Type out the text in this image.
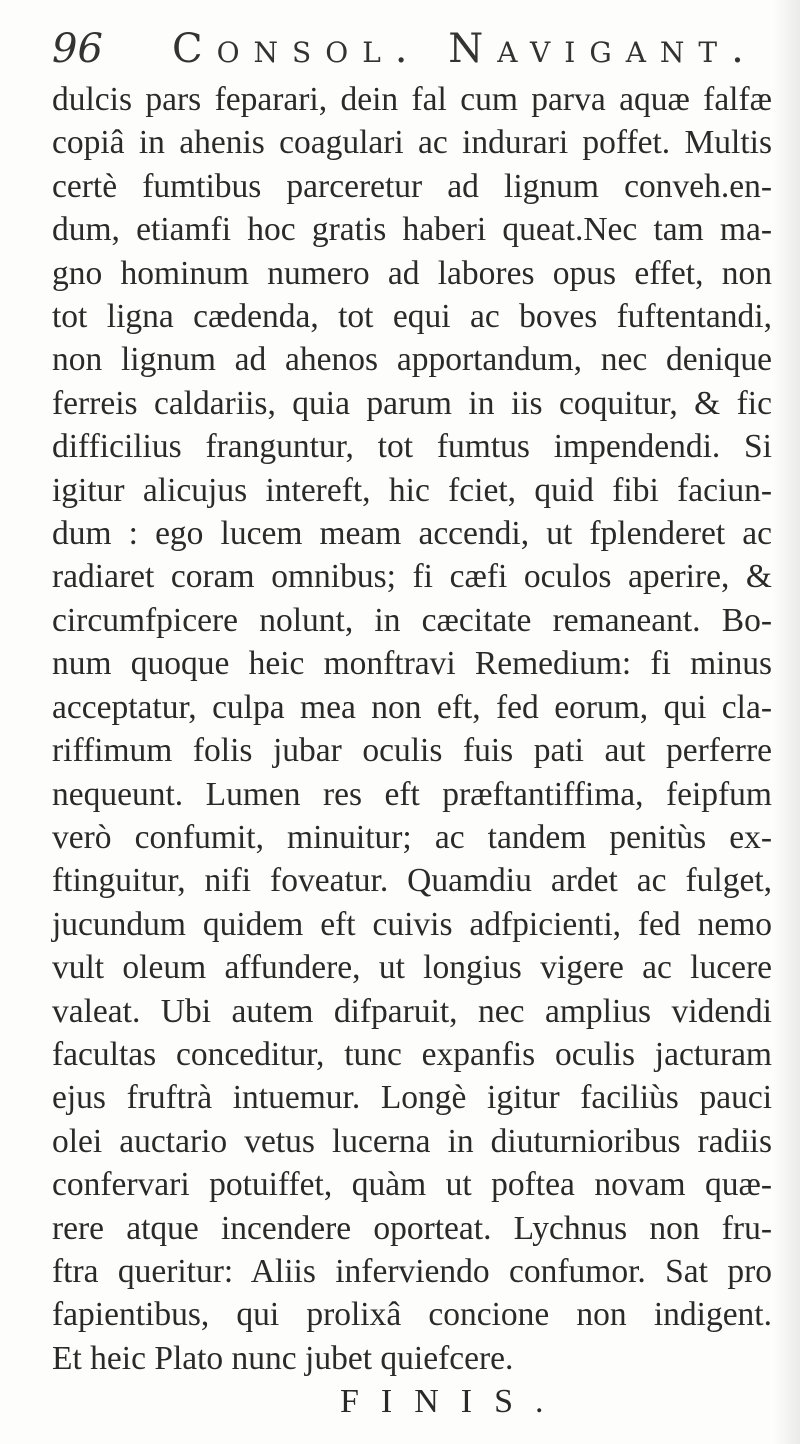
96 Consol. Navigant.
dulcis pars feparari, dein fal cum parva aquæ falfæ
copiâ in ahenis coagulari ac indurari poffet. Multis
certè fumtibus parceretur ad lignum conveh.en-
dum, etiamfi hoc gratis haberi queat.Nec tam ma-
gno hominum numero ad labores opus effet, non
tot ligna cædenda, tot equi ac boves fuftentandi,
non lignum ad ahenos apportandum, nec denique
ferreis caldariis, quia parum in iis coquitur, & fic
difficilius franguntur, tot fumtus impendendi. Si
igitur alicujus intereft, hic fciet, quid fibi faciun-
dum : ego lucem meam accendi, ut fplenderet ac
radiaret coram omnibus; fi cæfi oculos aperire, &
circumfpicere nolunt, in cæcitate remaneant. Bo-
num quoque heic monftravi Remedium: fi minus
acceptatur, culpa mea non eft, fed eorum, qui cla-
riffimum folis jubar oculis fuis pati aut perferre
nequeunt. Lumen res eft præftantiffima, feipfum
verò confumit, minuitur; ac tandem penitùs ex-
ftinguitur, nifi foveatur. Quamdiu ardet ac fulget,
jucundum quidem eft cuivis adfpicienti, fed nemo
vult oleum affundere, ut longius vigere ac lucere
valeat. Ubi autem difparuit, nec amplius videndi
facultas conceditur, tunc expanfis oculis jacturam
ejus fruftrà intuemur. Longè igitur faciliùs pauci
olei auctario vetus lucerna in diuturnioribus radiis
confervari potuiffet, quàm ut poftea novam quæ-
rere atque incendere oporteat. Lychnus non fru-
ftra queritur: Aliis inferviendo confumor. Sat pro
fapientibus, qui prolixâ concione non indigent.
Et heic Plato nunc jubet quiefcere.
FINIS.
